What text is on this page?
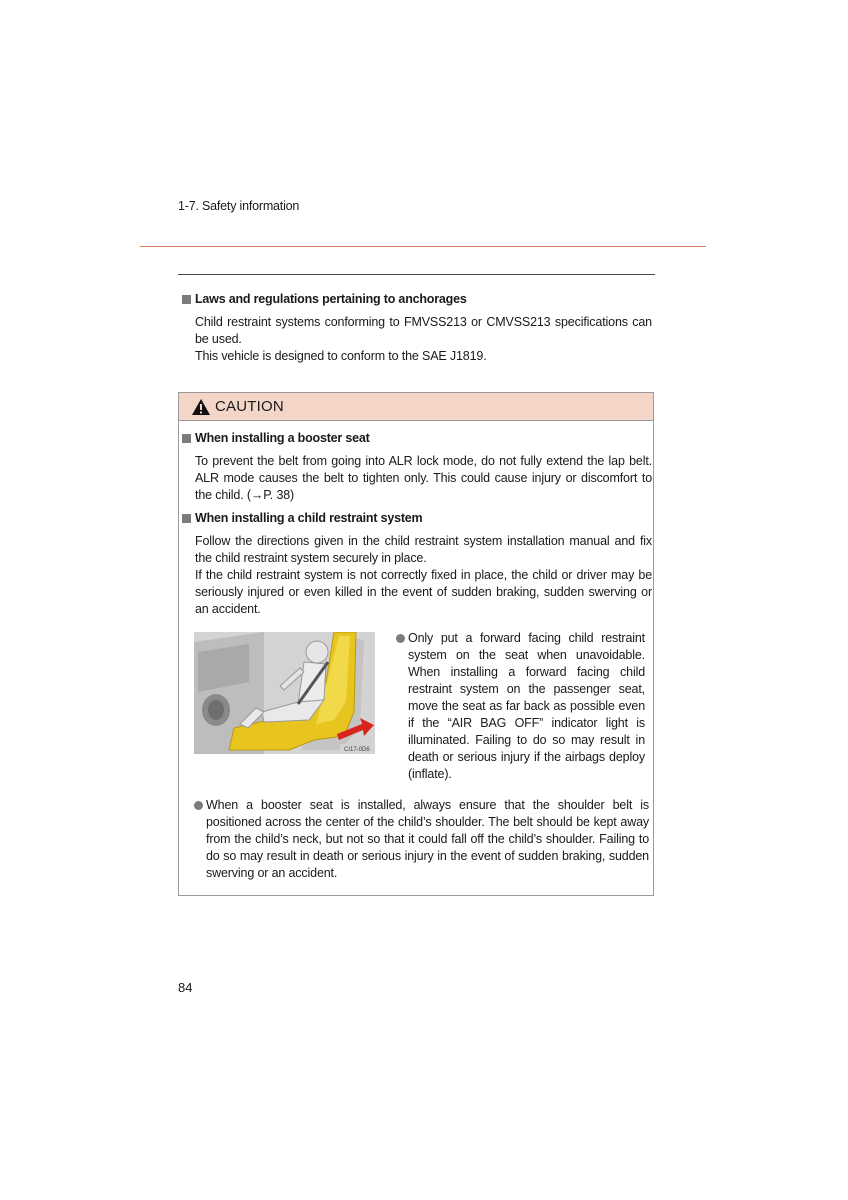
1-7. Safety information
Laws and regulations pertaining to anchorages
Child restraint systems conforming to FMVSS213 or CMVSS213 specifications can be used.
This vehicle is designed to conform to the SAE J1819.
CAUTION
When installing a booster seat
To prevent the belt from going into ALR lock mode, do not fully extend the lap belt. ALR mode causes the belt to tighten only. This could cause injury or discomfort to the child. (→P. 38)
When installing a child restraint system
Follow the directions given in the child restraint system installation manual and fix the child restraint system securely in place.
If the child restraint system is not correctly fixed in place, the child or driver may be seriously injured or even killed in the event of sudden braking, sudden swerving or an accident.
CI17-0D6
Only put a forward facing child restraint system on the seat when unavoidable. When installing a forward facing child restraint system on the passenger seat, move the seat as far back as possible even if the “AIR BAG OFF” indicator light is illuminated. Failing to do so may result in death or serious injury if the airbags deploy (inflate).
When a booster seat is installed, always ensure that the shoulder belt is positioned across the center of the child’s shoulder. The belt should be kept away from the child’s neck, but not so that it could fall off the child’s shoulder. Failing to do so may result in death or serious injury in the event of sudden braking, sudden swerving or an accident.
84
